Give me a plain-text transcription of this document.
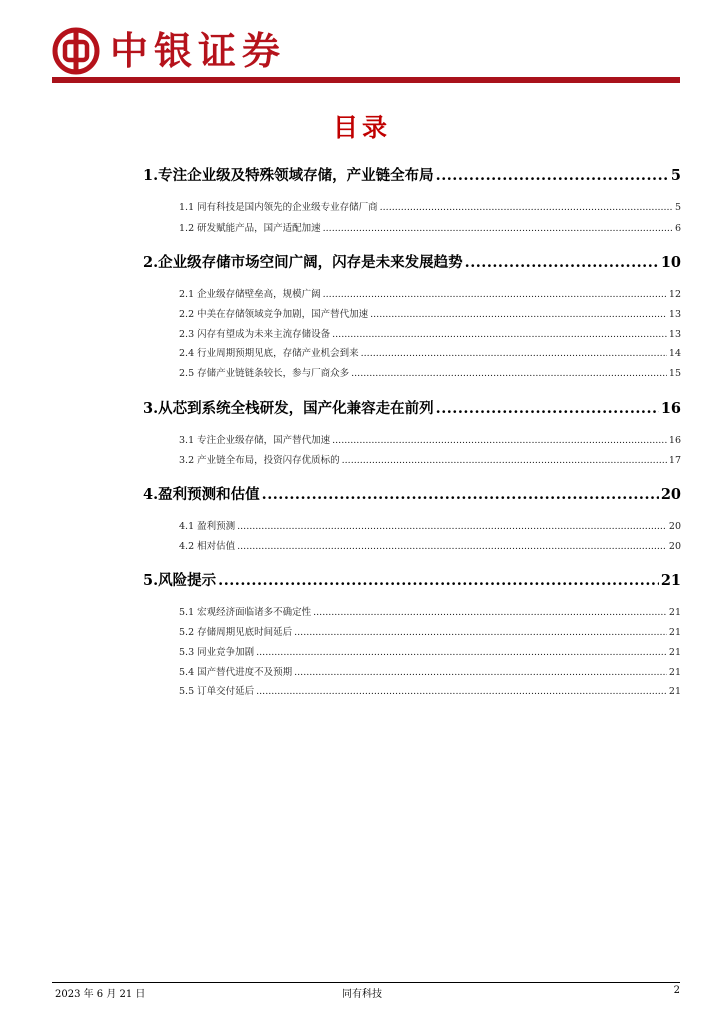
中银证券
目录
1.专注企业级及特殊领域存储，产业链全布局 .....	5
1.1 同有科技是国内领先的企业级专业存储厂商 .....	5
1.2 研发赋能产品，国产适配加速 .....	6
2.企业级存储市场空间广阔，闪存是未来发展趋势 .....	10
2.1 企业级存储壁垒高，规模广阔 .....	12
2.2 中美在存储领域竞争加剧，国产替代加速 .....	13
2.3 闪存有望成为未来主流存储设备 .....	13
2.4 行业周期预期见底，存储产业机会到来 .....	14
2.5 存储产业链链条较长，参与厂商众多 .....	15
3.从芯到系统全栈研发，国产化兼容走在前列 .....	16
3.1 专注企业级存储，国产替代加速 .....	16
3.2 产业链全布局，投资闪存优质标的 .....	17
4.盈利预测和估值 .....	20
4.1 盈利预测 .....	20
4.2 相对估值 .....	20
5.风险提示 .....	21
5.1 宏观经济面临诸多不确定性 .....	21
5.2 存储周期见底时间延后 .....	21
5.3 同业竞争加剧 .....	21
5.4 国产替代进度不及预期 .....	21
5.5 订单交付延后 .....	21
2023 年 6 月 21 日	同有科技	2
